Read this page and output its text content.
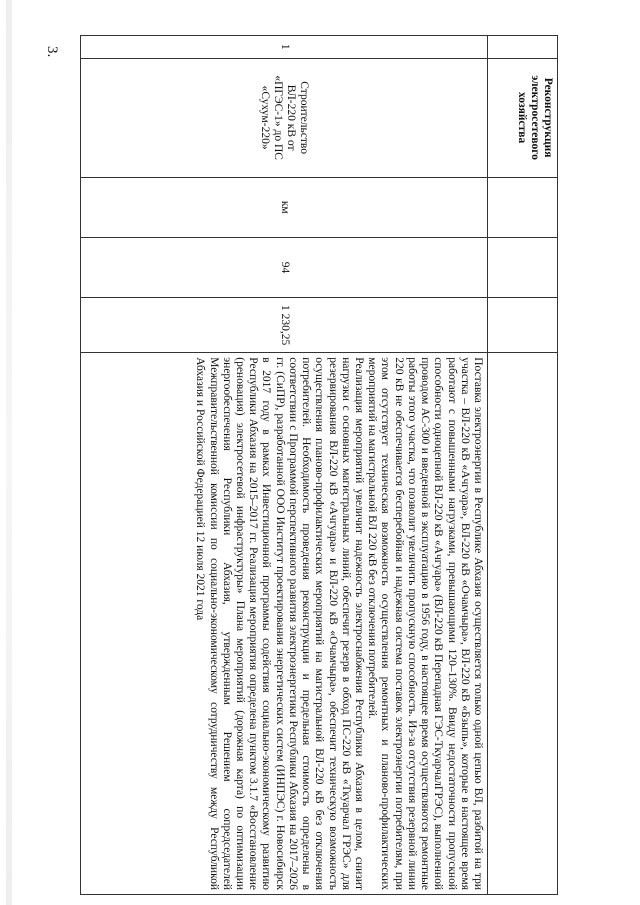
3.
	Реконструкция электросетевого хозяйства				
1	Строительство ВЛ-220 кВ от «ПГЭС-1» до ПС «Сухум-220»	км	94	1 230,25	Поставка электроэнергии в Республике Абхазия осуществляется только одной цепью ВЛ, разбитой на три участка – ВЛ-220 кВ «Ачгуара», ВЛ-220 кВ «Очамчыра», ВЛ-220 кВ «Бзыпь», которые в настоящее время работают с повышенными нагрузками, превышающими 120–130%. Ввиду недостаточности пропускной способности одноцепной ВЛ-220 кВ «Ачгуара» (ВЛ-220 кВ Перепадная ГЭС-ТкуарчалГРЭС), выполненной проводом АС-300 и введенной в эксплуатацию в 1956 году, в настоящее время осуществляются ремонтные работы этого участка, что позволит увеличить пропускную способность. Из-за отсутствия резервной линии 220 кВ не обеспечивается бесперебойная и надежная система поставок электроэнергии потребителям, при этом отсутствует техническая возможность осуществления ремонтных и планово-профилактических мероприятий на магистральной ВЛ 220 кВ без отключения потребителей.

Реализация мероприятий увеличит надежность электроснабжения Республики Абхазия в целом, снизит нагрузки с основных магистральных линий, обеспечит резерв в обход ПС-220 кВ «Ткуарчал ГРЭС» для резервирования ВЛ-220 кВ «Ачгуара» и ВЛ-220 кВ «Очамчыра», обеспечит техническую возможность осуществления планово-профилактических мероприятий на магистральной ВЛ-220 кВ без отключения потребителей. Необходимость проведения реконструкции и предельная стоимость определены в соответствии с Программой перспективного развития электроэнергетики Республики Абхазия на 2017–2026 гг. (СиПР), разработанной ООО Институт проектирования энергетических систем (ИНПЭС) г. Новосибирск в 2017 году в рамках Инвестиционной программы содействия социально-экономическому развитию Республики Абхазия на 2015–2017 гг. Реализация мероприятия определена пунктом 3.1.7 «Восстановление (реновация) электросетевой инфраструктуры» Плана мероприятий (дорожная карта) по оптимизации энергообеспечения Республики Абхазия, утвержденным Решением сопредседателей Межправительственной комиссии по социально-экономическому сотрудничеству между Республикой Абхазия и Российской Федерацией 12 июля 2021 года
